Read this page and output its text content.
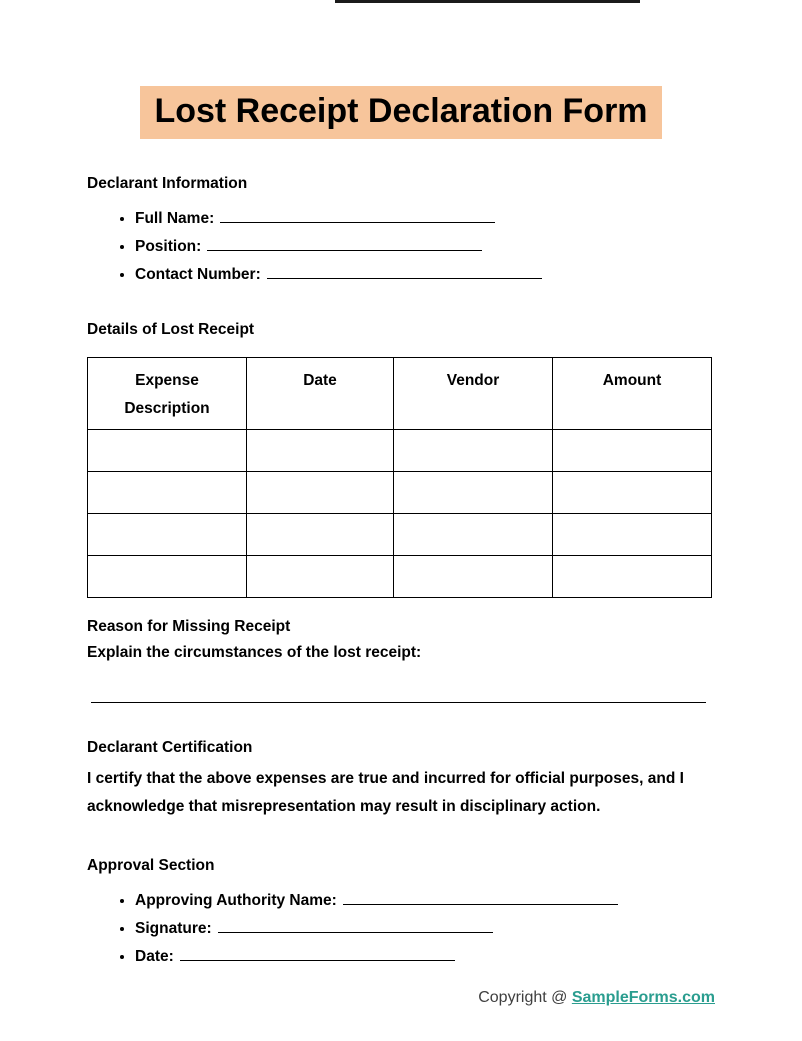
Lost Receipt Declaration Form
Declarant Information
• Full Name:
• Position:
• Contact Number:
Details of Lost Receipt
Expense Description	Date	Vendor	Amount

Reason for Missing Receipt
Explain the circumstances of the lost receipt:
Declarant Certification
I certify that the above expenses are true and incurred for official purposes, and I acknowledge that misrepresentation may result in disciplinary action.
Approval Section
• Approving Authority Name:
• Signature:
• Date:
Copyright @ SampleForms.com
